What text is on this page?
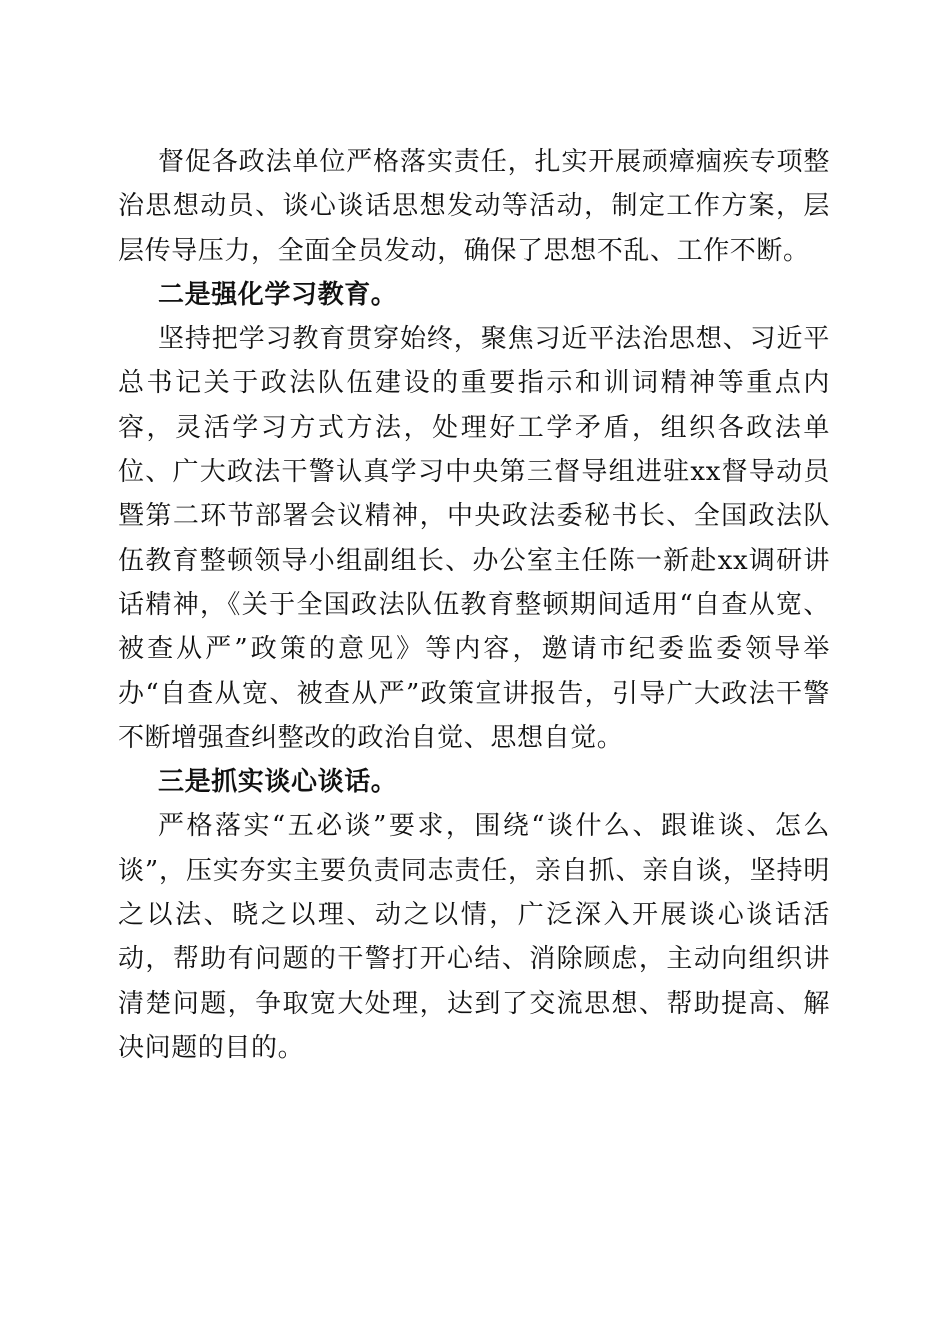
督促各政法单位严格落实责任，扎实开展顽瘴痼疾专项整治思想动员、谈心谈话思想发动等活动，制定工作方案，层层传导压力，全面全员发动，确保了思想不乱、工作不断。

二是强化学习教育。

坚持把学习教育贯穿始终，聚焦习近平法治思想、习近平总书记关于政法队伍建设的重要指示和训词精神等重点内容，灵活学习方式方法，处理好工学矛盾，组织各政法单位、广大政法干警认真学习中央第三督导组进驻xx督导动员暨第二环节部署会议精神，中央政法委秘书长、全国政法队伍教育整顿领导小组副组长、办公室主任陈一新赴xx调研讲话精神，《关于全国政法队伍教育整顿期间适用“自查从宽、被查从严”政策的意见》等内容，邀请市纪委监委领导举办“自查从宽、被查从严”政策宣讲报告，引导广大政法干警不断增强查纠整改的政治自觉、思想自觉。

三是抓实谈心谈话。

严格落实“五必谈”要求，围绕“谈什么、跟谁谈、怎么谈”，压实夯实主要负责同志责任，亲自抓、亲自谈，坚持明之以法、晓之以理、动之以情，广泛深入开展谈心谈话活动，帮助有问题的干警打开心结、消除顾虑，主动向组织讲清楚问题，争取宽大处理，达到了交流思想、帮助提高、解决问题的目的。
